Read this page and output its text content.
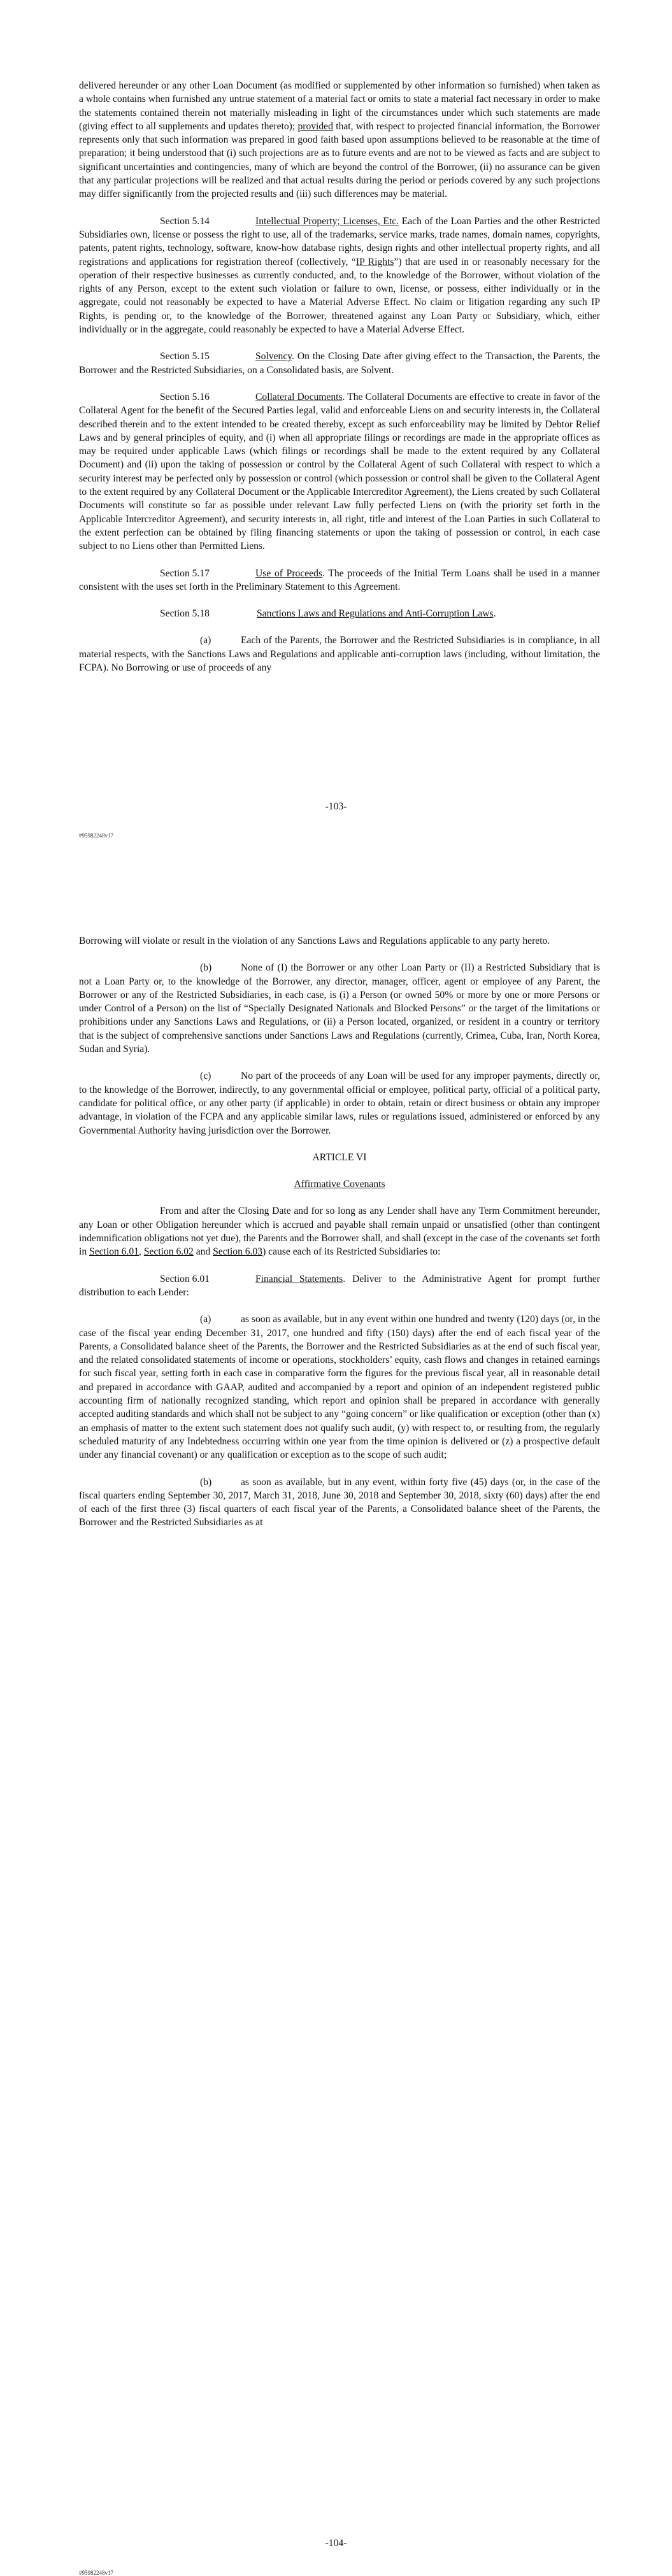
delivered hereunder or any other Loan Document (as modified or supplemented by other information so furnished) when taken as a whole contains when furnished any untrue statement of a material fact or omits to state a material fact necessary in order to make the statements contained therein not materially misleading in light of the circumstances under which such statements are made (giving effect to all supplements and updates thereto); provided that, with respect to projected financial information, the Borrower represents only that such information was prepared in good faith based upon assumptions believed to be reasonable at the time of preparation; it being understood that (i) such projections are as to future events and are not to be viewed as facts and are subject to significant uncertainties and contingencies, many of which are beyond the control of the Borrower, (ii) no assurance can be given that any particular projections will be realized and that actual results during the period or periods covered by any such projections may differ significantly from the projected results and (iii) such differences may be material.

Section 5.14	Intellectual Property; Licenses, Etc. Each of the Loan Parties and the other Restricted Subsidiaries own, license or possess the right to use, all of the trademarks, service marks, trade names, domain names, copyrights, patents, patent rights, technology, software, know-how database rights, design rights and other intellectual property rights, and all registrations and applications for registration thereof (collectively, “IP Rights”) that are used in or reasonably necessary for the operation of their respective businesses as currently conducted, and, to the knowledge of the Borrower, without violation of the rights of any Person, except to the extent such violation or failure to own, license, or possess, either individually or in the aggregate, could not reasonably be expected to have a Material Adverse Effect. No claim or litigation regarding any such IP Rights, is pending or, to the knowledge of the Borrower, threatened against any Loan Party or Subsidiary, which, either individually or in the aggregate, could reasonably be expected to have a Material Adverse Effect.

Section 5.15	Solvency. On the Closing Date after giving effect to the Transaction, the Parents, the Borrower and the Restricted Subsidiaries, on a Consolidated basis, are Solvent.

Section 5.16	Collateral Documents. The Collateral Documents are effective to create in favor of the Collateral Agent for the benefit of the Secured Parties legal, valid and enforceable Liens on and security interests in, the Collateral described therein and to the extent intended to be created thereby, except as such enforceability may be limited by Debtor Relief Laws and by general principles of equity, and (i) when all appropriate filings or recordings are made in the appropriate offices as may be required under applicable Laws (which filings or recordings shall be made to the extent required by any Collateral Document) and (ii) upon the taking of possession or control by the Collateral Agent of such Collateral with respect to which a security interest may be perfected only by possession or control (which possession or control shall be given to the Collateral Agent to the extent required by any Collateral Document or the Applicable Intercreditor Agreement), the Liens created by such Collateral Documents will constitute so far as possible under relevant Law fully perfected Liens on (with the priority set forth in the Applicable Intercreditor Agreement), and security interests in, all right, title and interest of the Loan Parties in such Collateral to the extent perfection can be obtained by filing financing statements or upon the taking of possession or control, in each case subject to no Liens other than Permitted Liens.

Section 5.17	Use of Proceeds. The proceeds of the Initial Term Loans shall be used in a manner consistent with the uses set forth in the Preliminary Statement to this Agreement.

Section 5.18	Sanctions Laws and Regulations and Anti-Corruption Laws.

(a)	Each of the Parents, the Borrower and the Restricted Subsidiaries is in compliance, in all material respects, with the Sanctions Laws and Regulations and applicable anti-corruption laws (including, without limitation, the FCPA). No Borrowing or use of proceeds of any

-103-
#95982248v17

Borrowing will violate or result in the violation of any Sanctions Laws and Regulations applicable to any party hereto.

(b)	None of (I) the Borrower or any other Loan Party or (II) a Restricted Subsidiary that is not a Loan Party or, to the knowledge of the Borrower, any director, manager, officer, agent or employee of any Parent, the Borrower or any of the Restricted Subsidiaries, in each case, is (i) a Person (or owned 50% or more by one or more Persons or under Control of a Person) on the list of “Specially Designated Nationals and Blocked Persons” or the target of the limitations or prohibitions under any Sanctions Laws and Regulations, or (ii) a Person located, organized, or resident in a country or territory that is the subject of comprehensive sanctions under Sanctions Laws and Regulations (currently, Crimea, Cuba, Iran, North Korea, Sudan and Syria).

(c)	No part of the proceeds of any Loan will be used for any improper payments, directly or, to the knowledge of the Borrower, indirectly, to any governmental official or employee, political party, official of a political party, candidate for political office, or any other party (if applicable) in order to obtain, retain or direct business or obtain any improper advantage, in violation of the FCPA and any applicable similar laws, rules or regulations issued, administered or enforced by any Governmental Authority having jurisdiction over the Borrower.

ARTICLE VI

Affirmative Covenants

From and after the Closing Date and for so long as any Lender shall have any Term Commitment hereunder, any Loan or other Obligation hereunder which is accrued and payable shall remain unpaid or unsatisfied (other than contingent indemnification obligations not yet due), the Parents and the Borrower shall, and shall (except in the case of the covenants set forth in Section 6.01, Section 6.02 and Section 6.03) cause each of its Restricted Subsidiaries to:

Section 6.01	Financial Statements. Deliver to the Administrative Agent for prompt further distribution to each Lender:

(a)	as soon as available, but in any event within one hundred and twenty (120) days (or, in the case of the fiscal year ending December 31, 2017, one hundred and fifty (150) days) after the end of each fiscal year of the Parents, a Consolidated balance sheet of the Parents, the Borrower and the Restricted Subsidiaries as at the end of such fiscal year, and the related consolidated statements of income or operations, stockholders’ equity, cash flows and changes in retained earnings for such fiscal year, setting forth in each case in comparative form the figures for the previous fiscal year, all in reasonable detail and prepared in accordance with GAAP, audited and accompanied by a report and opinion of an independent registered public accounting firm of nationally recognized standing, which report and opinion shall be prepared in accordance with generally accepted auditing standards and which shall not be subject to any “going concern” or like qualification or exception (other than (x) an emphasis of matter to the extent such statement does not qualify such audit, (y) with respect to, or resulting from, the regularly scheduled maturity of any Indebtedness occurring within one year from the time opinion is delivered or (z) a prospective default under any financial covenant) or any qualification or exception as to the scope of such audit;

(b)	as soon as available, but in any event, within forty five (45) days (or, in the case of the fiscal quarters ending September 30, 2017, March 31, 2018, June 30, 2018 and September 30, 2018, sixty (60) days) after the end of each of the first three (3) fiscal quarters of each fiscal year of the Parents, a Consolidated balance sheet of the Parents, the Borrower and the Restricted Subsidiaries as at

-104-
#95982248v17
